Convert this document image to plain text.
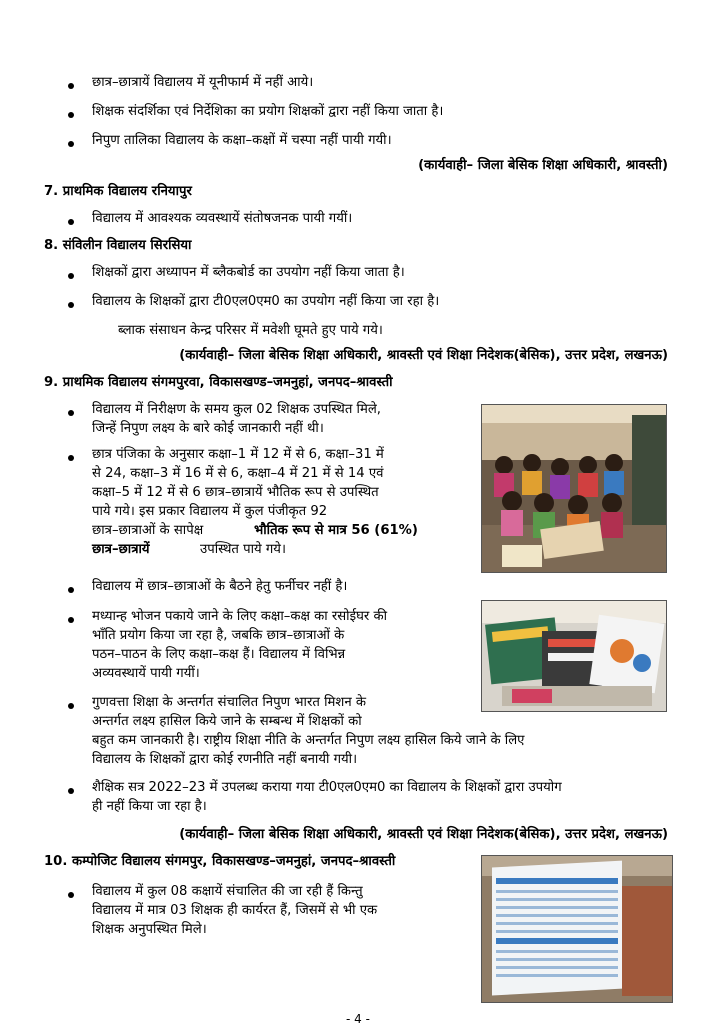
छात्र–छात्रायें विद्यालय में यूनीफार्म में नहीं आये।
शिक्षक संदर्शिका एवं निर्देशिका का प्रयोग शिक्षकों द्वारा नहीं किया जाता है।
निपुण तालिका विद्यालय के कक्षा–कक्षों में चस्पा नहीं पायी गयी।
(कार्यवाही– जिला बेसिक शिक्षा अधिकारी, श्रावस्ती)
7. प्राथमिक विद्यालय रनियापुर
विद्यालय में आवश्यक व्यवस्थायें संतोषजनक पायी गयीं।
8. संविलीन विद्यालय सिरसिया
शिक्षकों द्वारा अध्यापन में ब्लैकबोर्ड का उपयोग नहीं किया जाता है।
विद्यालय के शिक्षकों द्वारा टी0एल0एम0 का उपयोग नहीं किया जा रहा है।
ब्लाक संसाधन केन्द्र परिसर में मवेशी घूमते हुए पाये गये।
(कार्यवाही– जिला बेसिक शिक्षा अधिकारी, श्रावस्ती एवं शिक्षा निदेशक(बेसिक), उत्तर प्रदेश, लखनऊ)
9. प्राथमिक विद्यालय संगमपुरवा, विकासखण्ड–जमनुहां, जनपद–श्रावस्ती
विद्यालय में निरीक्षण के समय कुल 02 शिक्षक उपस्थित मिले,
जिन्हें निपुण लक्ष्य के बारे कोई जानकारी नहीं थी।
छात्र पंजिका के अनुसार कक्षा–1 में 12 में से 6, कक्षा–31 में
से 24, कक्षा–3 में 16 में से 6, कक्षा–4 में 21 में से 14 एवं
कक्षा–5 में 12 में से 6 छात्र–छात्रायें भौतिक रूप से उपस्थित
पाये गये। इस प्रकार विद्यालय में कुल पंजीकृत 92
छात्र–छात्राओं के सापेक्ष	भौतिक रूप से मात्र 56 (61%)
छात्र–छात्रायें	उपस्थित पाये गये।
विद्यालय में छात्र–छात्राओं के बैठने हेतु फर्नीचर नहीं है।
मध्यान्ह भोजन पकाये जाने के लिए कक्षा–कक्ष का रसोईघर की
भाँति प्रयोग किया जा रहा है, जबकि छात्र–छात्राओं के
पठन–पाठन के लिए कक्षा–कक्ष हैं। विद्यालय में विभिन्न
अव्यवस्थायें पायी गयीं।
गुणवत्ता शिक्षा के अन्तर्गत संचालित निपुण भारत मिशन के
अन्तर्गत लक्ष्य हासिल किये जाने के सम्बन्ध में शिक्षकों को
बहुत कम जानकारी है। राष्ट्रीय शिक्षा नीति के अन्तर्गत निपुण लक्ष्य हासिल किये जाने के लिए
विद्यालय के शिक्षकों द्वारा कोई रणनीति नहीं बनायी गयी।
शैक्षिक सत्र 2022–23 में उपलब्ध कराया गया टी0एल0एम0 का विद्यालय के शिक्षकों द्वारा उपयोग
ही नहीं किया जा रहा है।
(कार्यवाही– जिला बेसिक शिक्षा अधिकारी, श्रावस्ती एवं शिक्षा निदेशक(बेसिक), उत्तर प्रदेश, लखनऊ)
10. कम्पोजिट विद्यालय संगमपुर, विकासखण्ड–जमनुहां, जनपद–श्रावस्ती
विद्यालय में कुल 08 कक्षायें संचालित की जा रही हैं किन्तु
विद्यालय में मात्र 03 शिक्षक ही कार्यरत हैं, जिसमें से भी एक
शिक्षक अनुपस्थित मिले।
- 4 -
